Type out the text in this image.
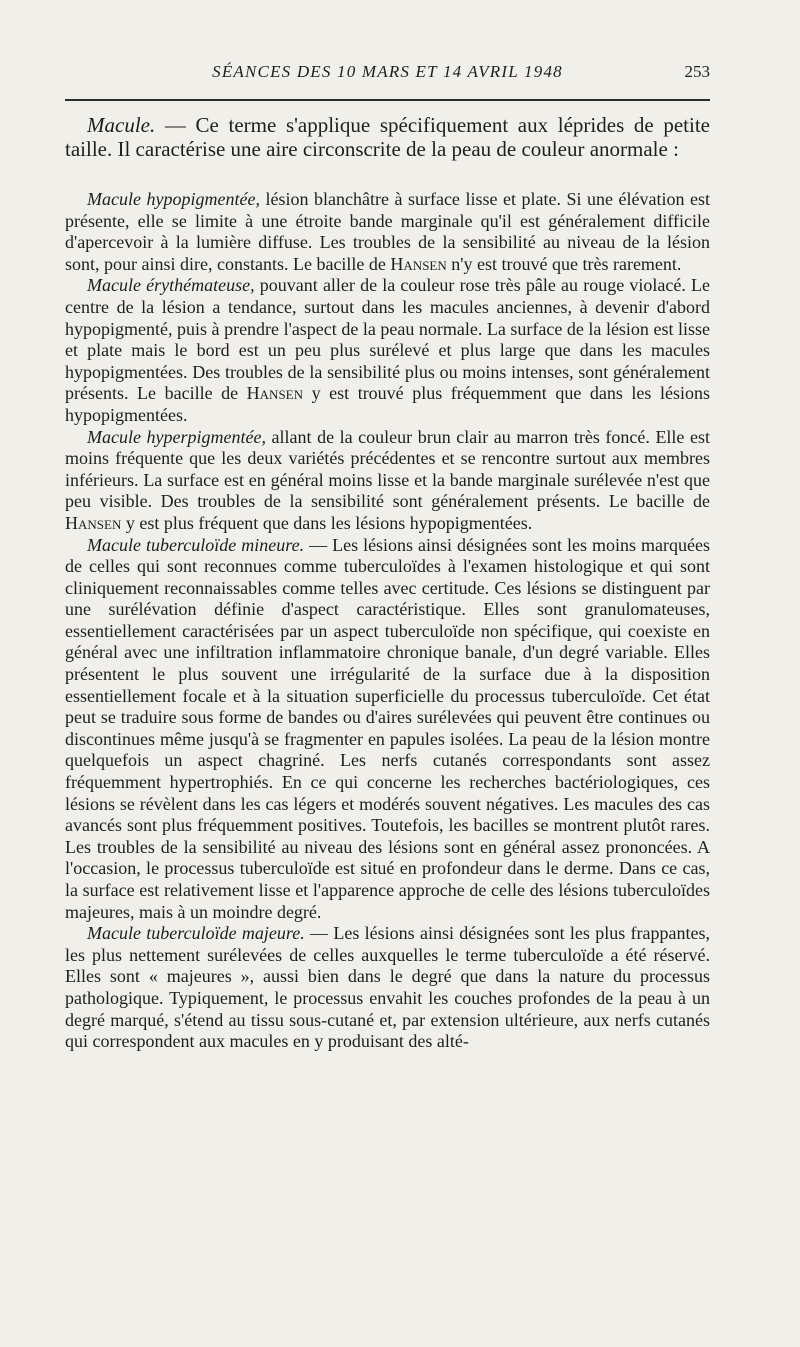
SÉANCES DES 10 MARS ET 14 AVRIL 1948	253

Macule. — Ce terme s'applique spécifiquement aux léprides de petite taille. Il caractérise une aire circonscrite de la peau de couleur anormale :

Macule hypopigmentée, lésion blanchâtre à surface lisse et plate. Si une élévation est présente, elle se limite à une étroite bande marginale qu'il est généralement difficile d'apercevoir à la lumière diffuse. Les troubles de la sensibilité au niveau de la lésion sont, pour ainsi dire, constants. Le bacille de Hansen n'y est trouvé que très rarement.

Macule érythémateuse, pouvant aller de la couleur rose très pâle au rouge violacé. Le centre de la lésion a tendance, surtout dans les macules anciennes, à devenir d'abord hypopigmenté, puis à prendre l'aspect de la peau normale. La surface de la lésion est lisse et plate mais le bord est un peu plus surélevé et plus large que dans les macules hypopigmentées. Des troubles de la sensibilité plus ou moins intenses, sont généralement présents. Le bacille de Hansen y est trouvé plus fréquemment que dans les lésions hypopigmentées.

Macule hyperpigmentée, allant de la couleur brun clair au marron très foncé. Elle est moins fréquente que les deux variétés précédentes et se rencontre surtout aux membres inférieurs. La surface est en général moins lisse et la bande marginale surélevée n'est que peu visible. Des troubles de la sensibilité sont généralement présents. Le bacille de Hansen y est plus fréquent que dans les lésions hypopigmentées.

Macule tuberculoïde mineure. — Les lésions ainsi désignées sont les moins marquées de celles qui sont reconnues comme tuberculoïdes à l'examen histologique et qui sont cliniquement reconnaissables comme telles avec certitude. Ces lésions se distinguent par une surélévation définie d'aspect caractéristique. Elles sont granulomateuses, essentiellement caractérisées par un aspect tuberculoïde non spécifique, qui coexiste en général avec une infiltration inflammatoire chronique banale, d'un degré variable. Elles présentent le plus souvent une irrégularité de la surface due à la disposition essentiellement focale et à la situation superficielle du processus tuberculoïde. Cet état peut se traduire sous forme de bandes ou d'aires surélevées qui peuvent être continues ou discontinues même jusqu'à se fragmenter en papules isolées. La peau de la lésion montre quelquefois un aspect chagriné. Les nerfs cutanés correspondants sont assez fréquemment hypertrophiés. En ce qui concerne les recherches bactériologiques, ces lésions se révèlent dans les cas légers et modérés souvent négatives. Les macules des cas avancés sont plus fréquemment positives. Toutefois, les bacilles se montrent plutôt rares. Les troubles de la sensibilité au niveau des lésions sont en général assez prononcées. A l'occasion, le processus tuberculoïde est situé en profondeur dans le derme. Dans ce cas, la surface est relativement lisse et l'apparence approche de celle des lésions tuberculoïdes majeures, mais à un moindre degré.

Macule tuberculoïde majeure. — Les lésions ainsi désignées sont les plus frappantes, les plus nettement surélevées de celles auxquelles le terme tuberculoïde a été réservé. Elles sont « majeures », aussi bien dans le degré que dans la nature du processus pathologique. Typiquement, le processus envahit les couches profondes de la peau à un degré marqué, s'étend au tissu sous-cutané et, par extension ultérieure, aux nerfs cutanés qui correspondent aux macules en y produisant des alté-
